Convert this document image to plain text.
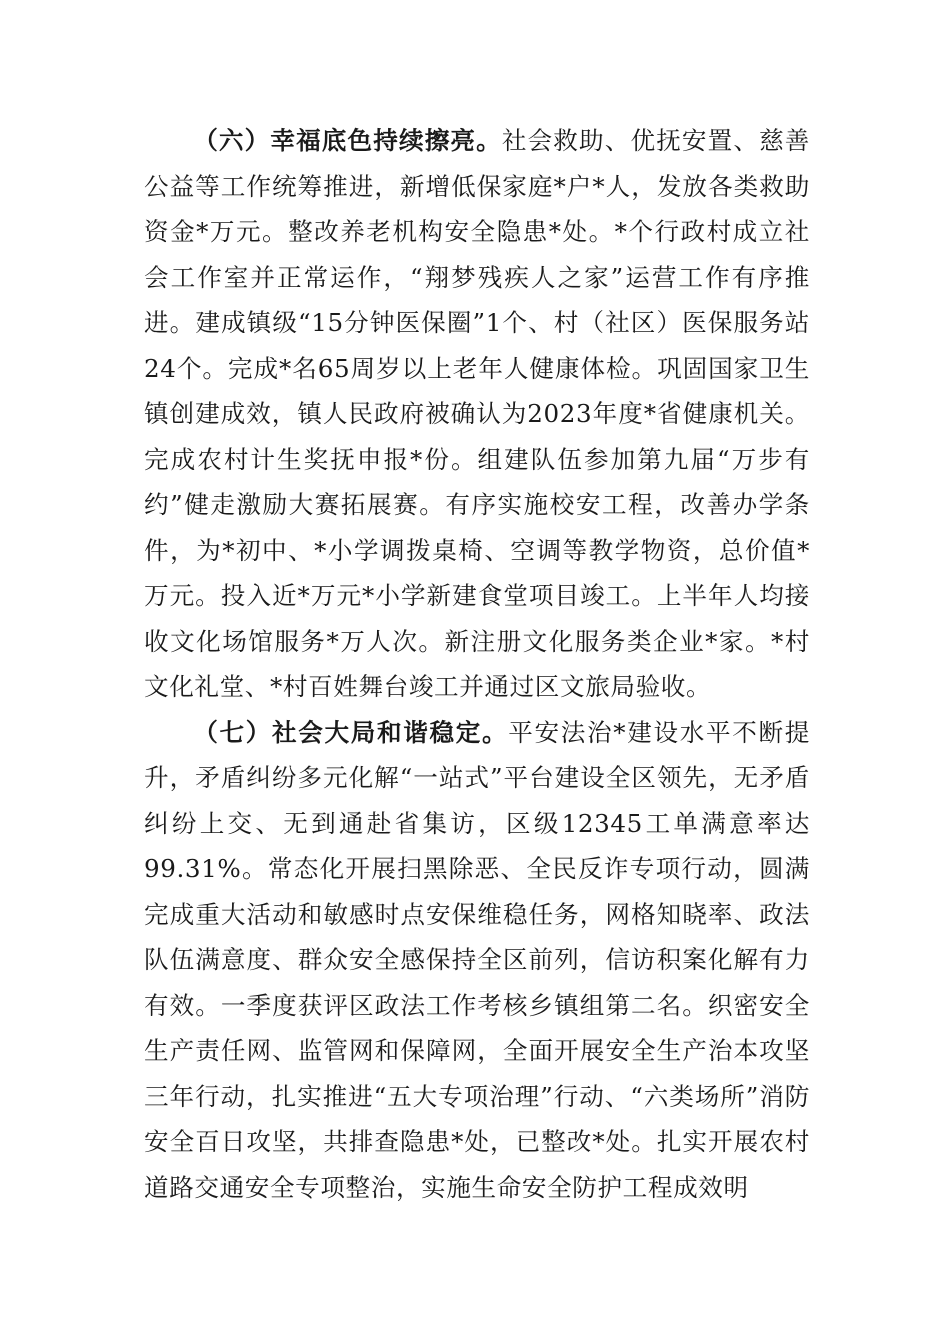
（六）幸福底色持续擦亮。社会救助、优抚安置、慈善公益等工作统筹推进，新增低保家庭*户*人，发放各类救助资金*万元。整改养老机构安全隐患*处。*个行政村成立社会工作室并正常运作，“翔梦残疾人之家”运营工作有序推进。建成镇级“15分钟医保圈”1个、村（社区）医保服务站24个。完成*名65周岁以上老年人健康体检。巩固国家卫生镇创建成效，镇人民政府被确认为2023年度*省健康机关。完成农村计生奖抚申报*份。组建队伍参加第九届“万步有约”健走激励大赛拓展赛。有序实施校安工程，改善办学条件，为*初中、*小学调拨桌椅、空调等教学物资，总价值*万元。投入近*万元*小学新建食堂项目竣工。上半年人均接收文化场馆服务*万人次。新注册文化服务类企业*家。*村文化礼堂、*村百姓舞台竣工并通过区文旅局验收。

（七）社会大局和谐稳定。平安法治*建设水平不断提升，矛盾纠纷多元化解“一站式”平台建设全区领先，无矛盾纠纷上交、无到通赴省集访，区级12345工单满意率达99.31%。常态化开展扫黑除恶、全民反诈专项行动，圆满完成重大活动和敏感时点安保维稳任务，网格知晓率、政法队伍满意度、群众安全感保持全区前列，信访积案化解有力有效。一季度获评区政法工作考核乡镇组第二名。织密安全生产责任网、监管网和保障网，全面开展安全生产治本攻坚三年行动，扎实推进“五大专项治理”行动、“六类场所”消防安全百日攻坚，共排查隐患*处，已整改*处。扎实开展农村道路交通安全专项整治，实施生命安全防护工程成效明
